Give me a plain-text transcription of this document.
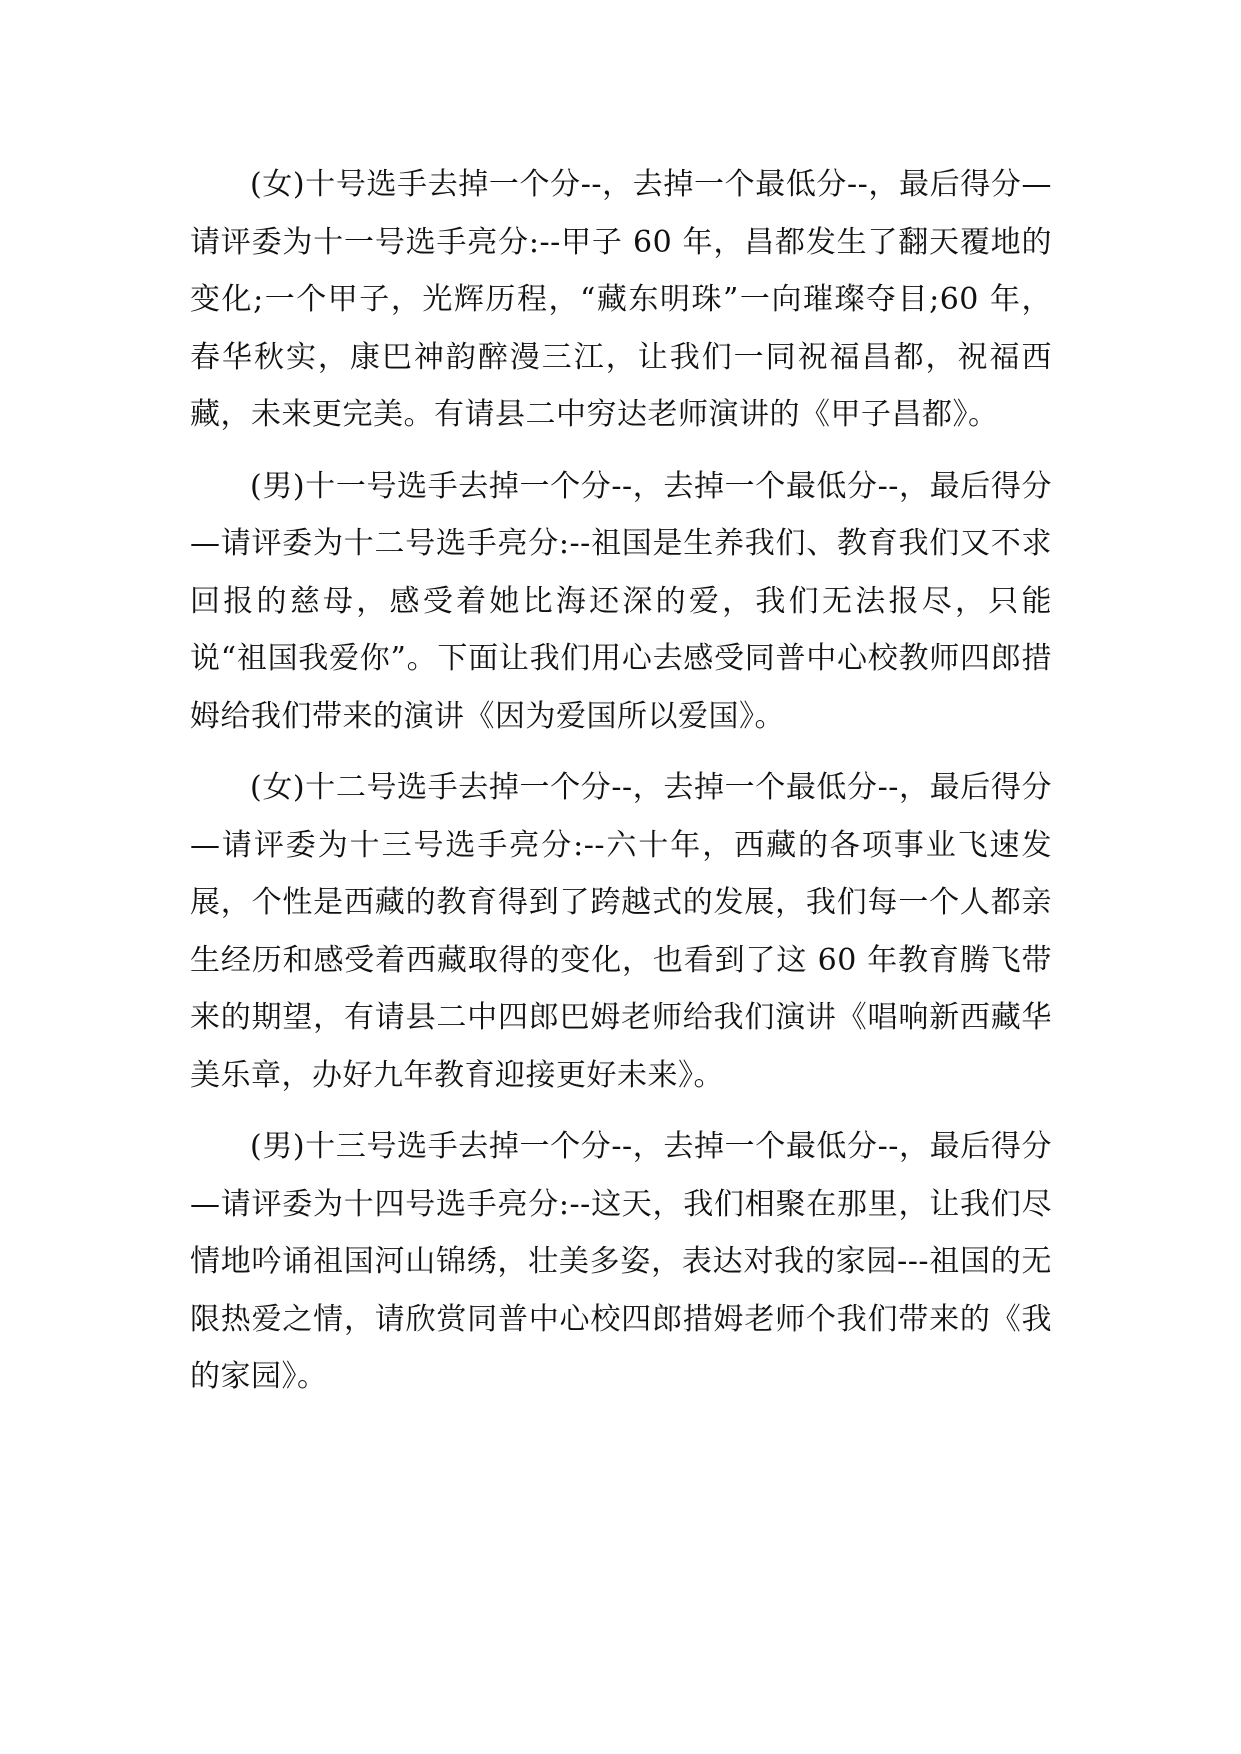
(女)十号选手去掉一个分--，去掉一个最低分--，最后得分—请评委为十一号选手亮分:--甲子 60 年，昌都发生了翻天覆地的变化;一个甲子，光辉历程，“藏东明珠”一向璀璨夺目;60 年，春华秋实，康巴神韵醉漫三江，让我们一同祝福昌都，祝福西藏，未来更完美。有请县二中穷达老师演讲的《甲子昌都》。

(男)十一号选手去掉一个分--，去掉一个最低分--，最后得分—请评委为十二号选手亮分:--祖国是生养我们、教育我们又不求回报的慈母，感受着她比海还深的爱，我们无法报尽，只能说“祖国我爱你”。下面让我们用心去感受同普中心校教师四郎措姆给我们带来的演讲《因为爱国所以爱国》。

(女)十二号选手去掉一个分--，去掉一个最低分--，最后得分—请评委为十三号选手亮分:--六十年，西藏的各项事业飞速发展，个性是西藏的教育得到了跨越式的发展，我们每一个人都亲生经历和感受着西藏取得的变化，也看到了这 60 年教育腾飞带来的期望，有请县二中四郎巴姆老师给我们演讲《唱响新西藏华美乐章，办好九年教育迎接更好未来》。

(男)十三号选手去掉一个分--，去掉一个最低分--，最后得分—请评委为十四号选手亮分:--这天，我们相聚在那里，让我们尽情地吟诵祖国河山锦绣，壮美多姿，表达对我的家园---祖国的无限热爱之情，请欣赏同普中心校四郎措姆老师个我们带来的《我的家园》。
